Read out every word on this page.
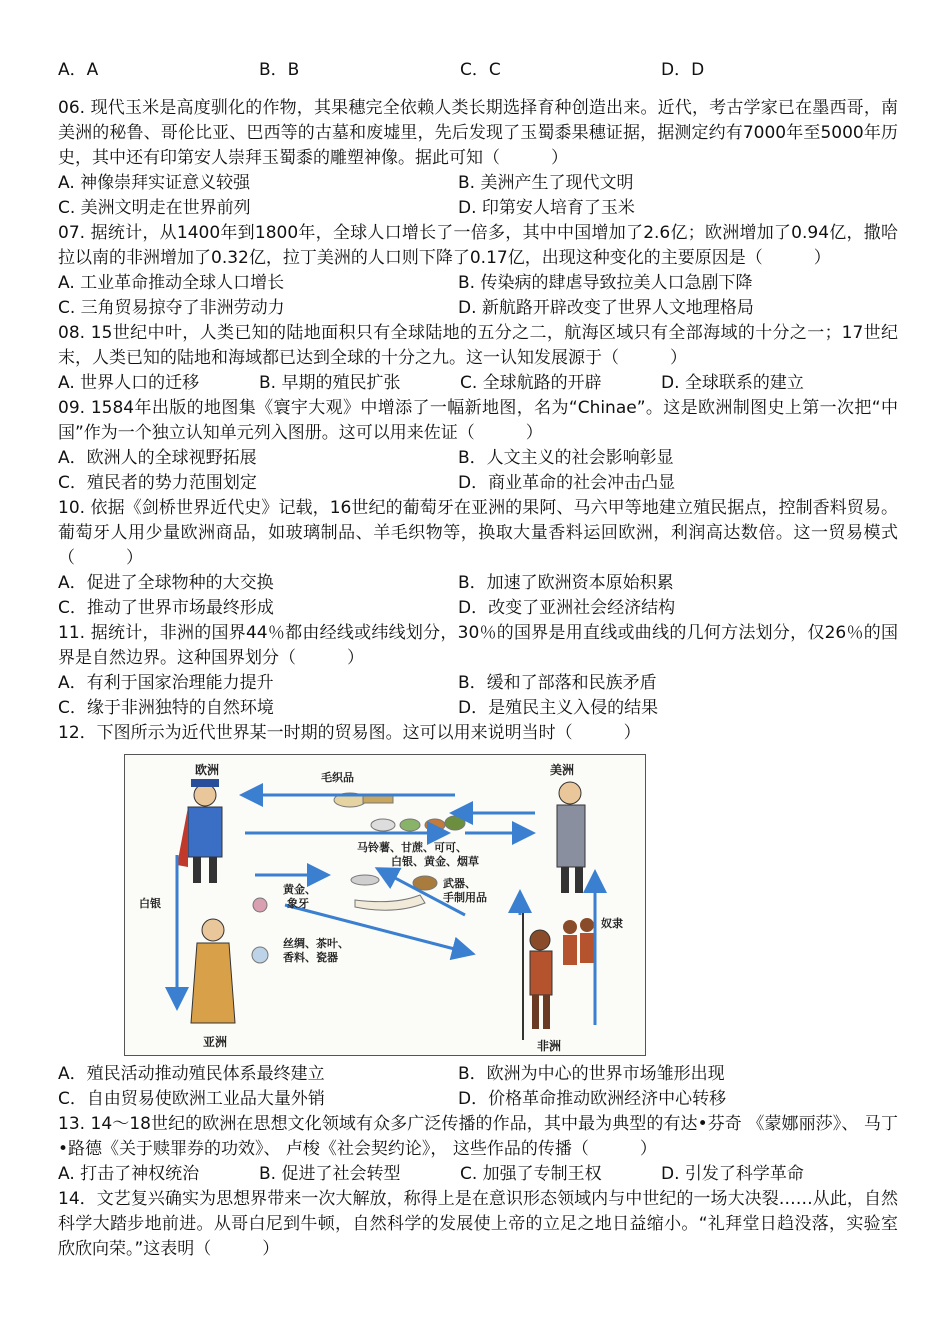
A．A	B．B	C．C	D．D

06. 现代玉米是高度驯化的作物，其果穗完全依赖人类长期选择育种创造出来。近代，考古学家已在墨西哥，南美洲的秘鲁、哥伦比亚、巴西等的古墓和废墟里，先后发现了玉蜀黍果穗证据，据测定约有7000年至5000年历史，其中还有印第安人崇拜玉蜀黍的雕塑神像。据此可知（　　　）

A. 神像崇拜实证意义较强	B. 美洲产生了现代文明
C. 美洲文明走在世界前列	D. 印第安人培育了玉米

07. 据统计，从1400年到1800年，全球人口增长了一倍多，其中中国增加了2.6亿；欧洲增加了0.94亿，撒哈拉以南的非洲增加了0.32亿，拉丁美洲的人口则下降了0.17亿，出现这种变化的主要原因是（　　　）

A. 工业革命推动全球人口增长	B. 传染病的肆虐导致拉美人口急剧下降
C. 三角贸易掠夺了非洲劳动力	D. 新航路开辟改变了世界人文地理格局

08. 15世纪中叶，人类已知的陆地面积只有全球陆地的五分之二，航海区域只有全部海域的十分之一；17世纪末，人类已知的陆地和海域都已达到全球的十分之九。这一认知发展源于（　　　）

A. 世界人口的迁移	B. 早期的殖民扩张	C. 全球航路的开辟	D. 全球联系的建立

09. 1584年出版的地图集《寰宇大观》中增添了一幅新地图，名为“Chinae”。这是欧洲制图史上第一次把“中国”作为一个独立认知单元列入图册。这可以用来佐证（　　　）

A．欧洲人的全球视野拓展	B．人文主义的社会影响彰显
C．殖民者的势力范围划定	D．商业革命的社会冲击凸显

10. 依据《剑桥世界近代史》记载，16世纪的葡萄牙在亚洲的果阿、马六甲等地建立殖民据点，控制香料贸易。葡萄牙人用少量欧洲商品，如玻璃制品、羊毛织物等，换取大量香料运回欧洲，利润高达数倍。这一贸易模式（　　　）

A．促进了全球物种的大交换	B．加速了欧洲资本原始积累
C．推动了世界市场最终形成	D．改变了亚洲社会经济结构

11. 据统计，非洲的国界44％都由经线或纬线划分，30％的国界是用直线或曲线的几何方法划分，仅26％的国界是自然边界。这种国界划分（　　　）

A．有利于国家治理能力提升	B．缓和了部落和民族矛盾
C．缘于非洲独特的自然环境	D．是殖民主义入侵的结果

12．下图所示为近代世界某一时期的贸易图。这可以用来说明当时（　　　）

欧洲	美洲
亚洲	非洲
毛织品
马铃薯、甘蔗、可可、
白银、黄金、烟草
黄金、
象牙
武器、
手制用品
丝绸、茶叶、
香料、瓷器
白银
奴隶
A．殖民活动推动殖民体系最终建立	B．欧洲为中心的世界市场雏形出现
C．自由贸易使欧洲工业品大量外销	D．价格革命推动欧洲经济中心转移

13. 14～18世纪的欧洲在思想文化领域有众多广泛传播的作品，其中最为典型的有达•芬奇 《蒙娜丽莎》、 马丁•路德《关于赎罪券的功效》、 卢梭《社会契约论》， 这些作品的传播（　　　）

A. 打击了神权统治	B. 促进了社会转型	C. 加强了专制王权	D. 引发了科学革命

14．文艺复兴确实为思想界带来一次大解放，称得上是在意识形态领域内与中世纪的一场大决裂……从此，自然科学大踏步地前进。从哥白尼到牛顿，自然科学的发展使上帝的立足之地日益缩小。“礼拜堂日趋没落，实验室欣欣向荣。”这表明（　　　）
